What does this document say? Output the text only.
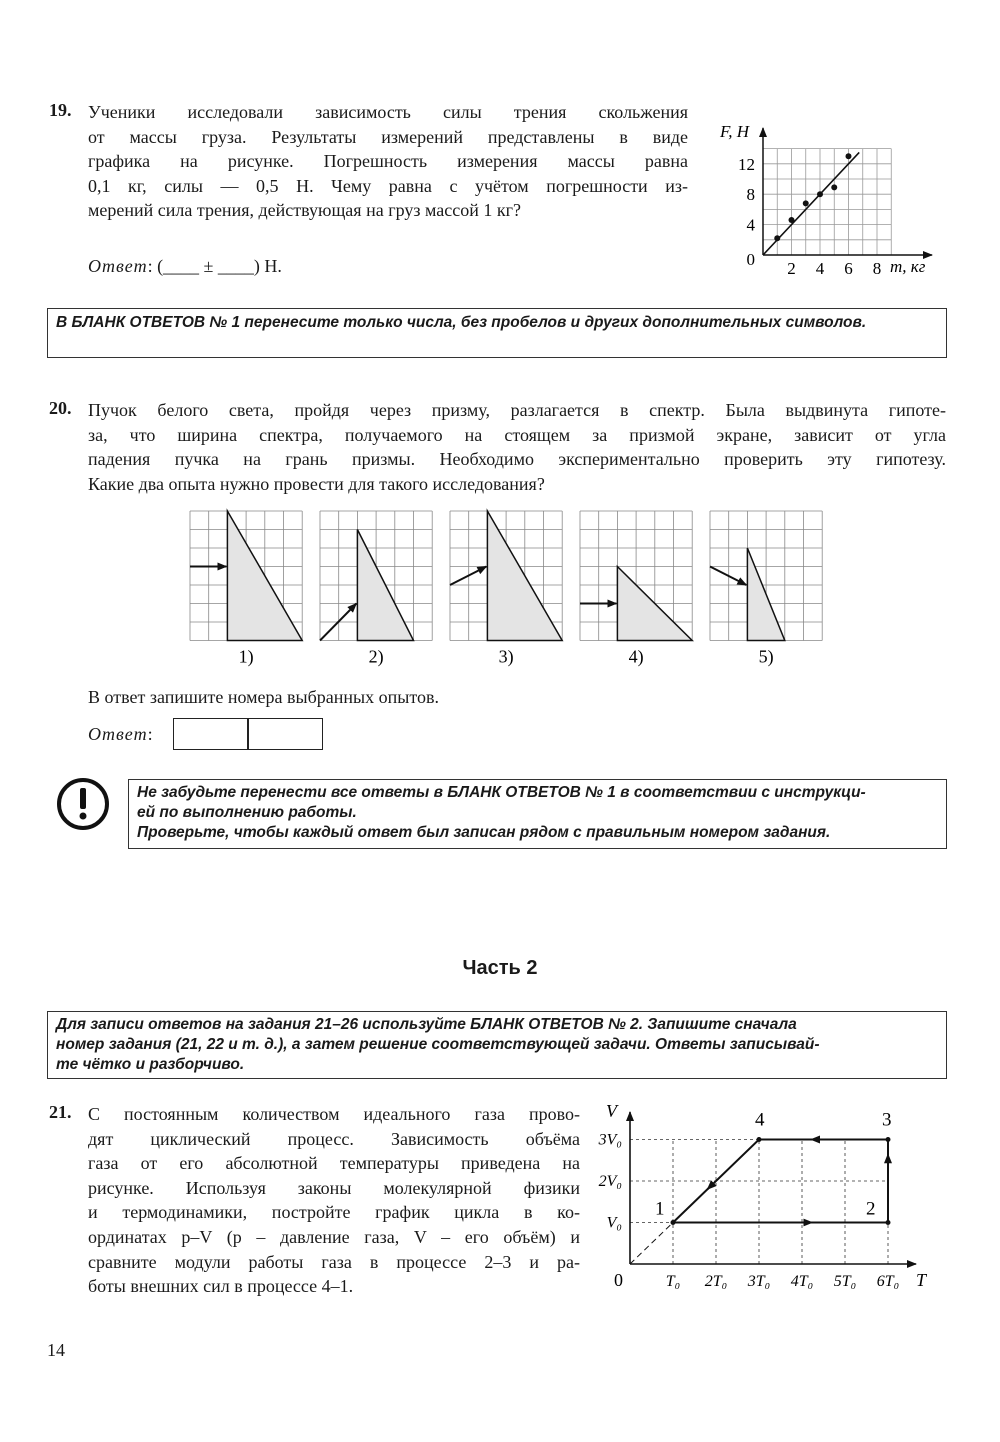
19. Ученики исследовали зависимость силы трения скольжения
от массы груза. Результаты измерений представлены в виде
графика на рисунке. Погрешность измерения массы равна
0,1 кг, силы — 0,5 Н. Чему равна с учётом погрешности из-
мерений сила трения, действующая на груз массой 1 кг?
Ответ: (____ ± ____) Н.	2 4 6 8
4
8
12
0	m, кг
F, Н
В БЛАНК ОТВЕТОВ № 1 перенесите только числа, без пробелов и других дополнительных символов.
20. Пучок белого света, пройдя через призму, разлагается в спектр. Была выдвинута гипоте-
за, что ширина спектра, получаемого на стоящем за призмой экране, зависит от угла
падения пучка на грань призмы. Необходимо экспериментально проверить эту гипотезу.
Какие два опыта нужно провести для такого исследования?
1)	2)	3)	4)	5)
В ответ запишите номера выбранных опытов.
Ответ:
Не забудьте перенести все ответы в БЛАНК ОТВЕТОВ № 1 в соответствии с инструкци-
ей по выполнению работы.
Проверьте, чтобы каждый ответ был записан рядом с правильным номером задания.
Часть 2
Для записи ответов на задания 21–26 используйте БЛАНК ОТВЕТОВ № 2. Запишите сначала
номер задания (21, 22 и т. д.), а затем решение соответствующей задачи. Ответы записывай-
те чётко и разборчиво.
21. С постоянным количеством идеального газа прово-
дят циклический процесс. Зависимость объёма
газа от его абсолютной температуры приведена на
рисунке. Используя законы молекулярной физики
и термодинамики, постройте график цикла в ко-
ординатах p–V (p – давление газа, V – его объём) и
сравните модули работы газа в процессе 2–3 и ра-
боты внешних сил в процессе 4–1.
1	2
3
4
T₀ 2T₀ 3T₀ 4T₀ 5T₀ 6T₀
V₀
2V₀
3V₀
0	T
V
14
